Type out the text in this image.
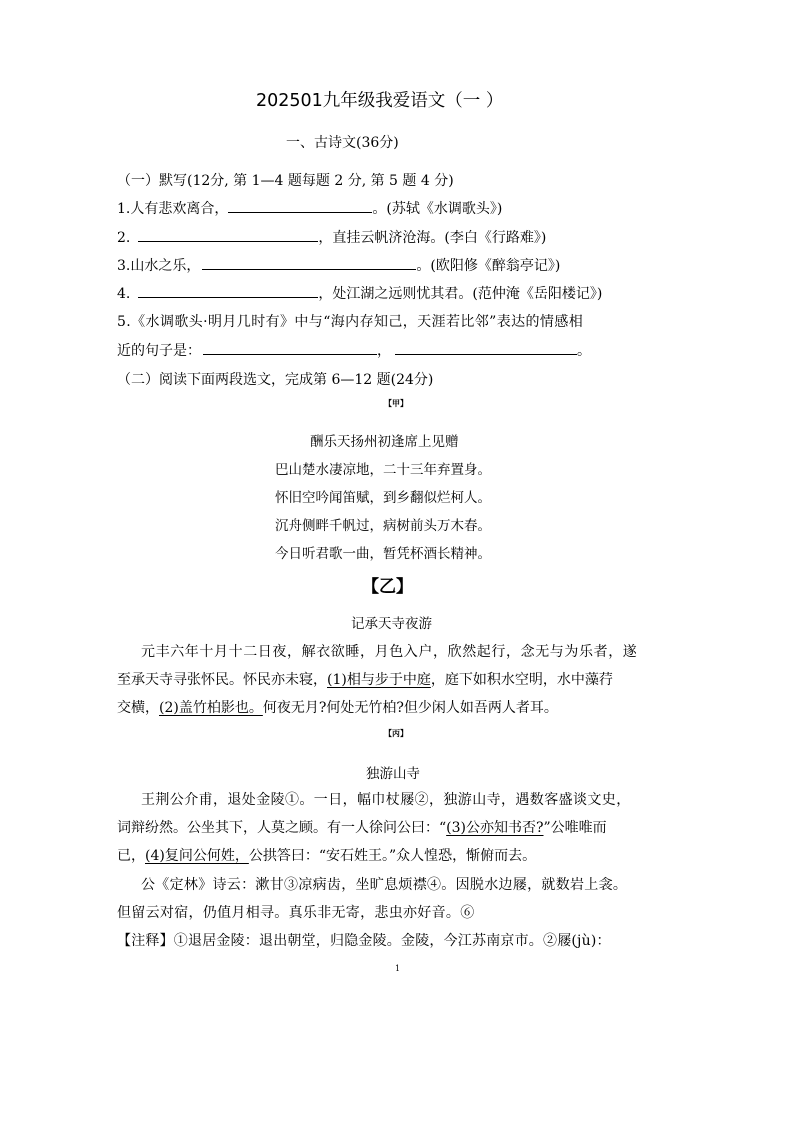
202501九年级我爱语文（一 ）
一、古诗文(36分)
（一）默写(12分, 第 1—4 题每题 2 分, 第 5 题 4 分)
1.人有悲欢离合，	。(苏轼《水调歌头》)
2.	，直挂云帆济沧海。(李白《行路难》)
3.山水之乐，	。(欧阳修《醉翁亭记》)
4.	，处江湖之远则忧其君。(范仲淹《岳阳楼记》)
5.《水调歌头·明月几时有》中与“海内存知己，天涯若比邻”表达的情感相
近的句子是：	，	。
（二）阅读下面两段选文，完成第 6—12 题(24分)
【甲】
酬乐天扬州初逢席上见赠
巴山楚水凄凉地，二十三年弃置身。
怀旧空吟闻笛赋，到乡翻似烂柯人。
沉舟侧畔千帆过，病树前头万木春。
今日听君歌一曲，暂凭杯酒长精神。
【乙】
记承天寺夜游
元丰六年十月十二日夜，解衣欲睡，月色入户，欣然起行，念无与为乐者，遂
至承天寺寻张怀民。怀民亦未寝，(1)相与步于中庭，庭下如积水空明，水中藻荇
交横，(2)盖竹柏影也。何夜无月?何处无竹柏?但少闲人如吾两人者耳。
【丙】
独游山寺
王荆公介甫，退处金陵①。一日，幅巾杖屦②，独游山寺，遇数客盛谈文史，
词辩纷然。公坐其下，人莫之顾。有一人徐问公曰：“(3)公亦知书否?”公唯唯而
已，(4)复问公何姓，公拱答曰：“安石姓王。”众人惶恐，惭俯而去。
公《定林》诗云：漱甘③凉病齿，坐旷息烦襟④。因脱水边屦，就数岩上衾。
但留云对宿，仍值月相寻。真乐非无寄，悲虫亦好音。⑥
【注释】①退居金陵：退出朝堂，归隐金陵。金陵，今江苏南京市。②屦(jù)：
1
